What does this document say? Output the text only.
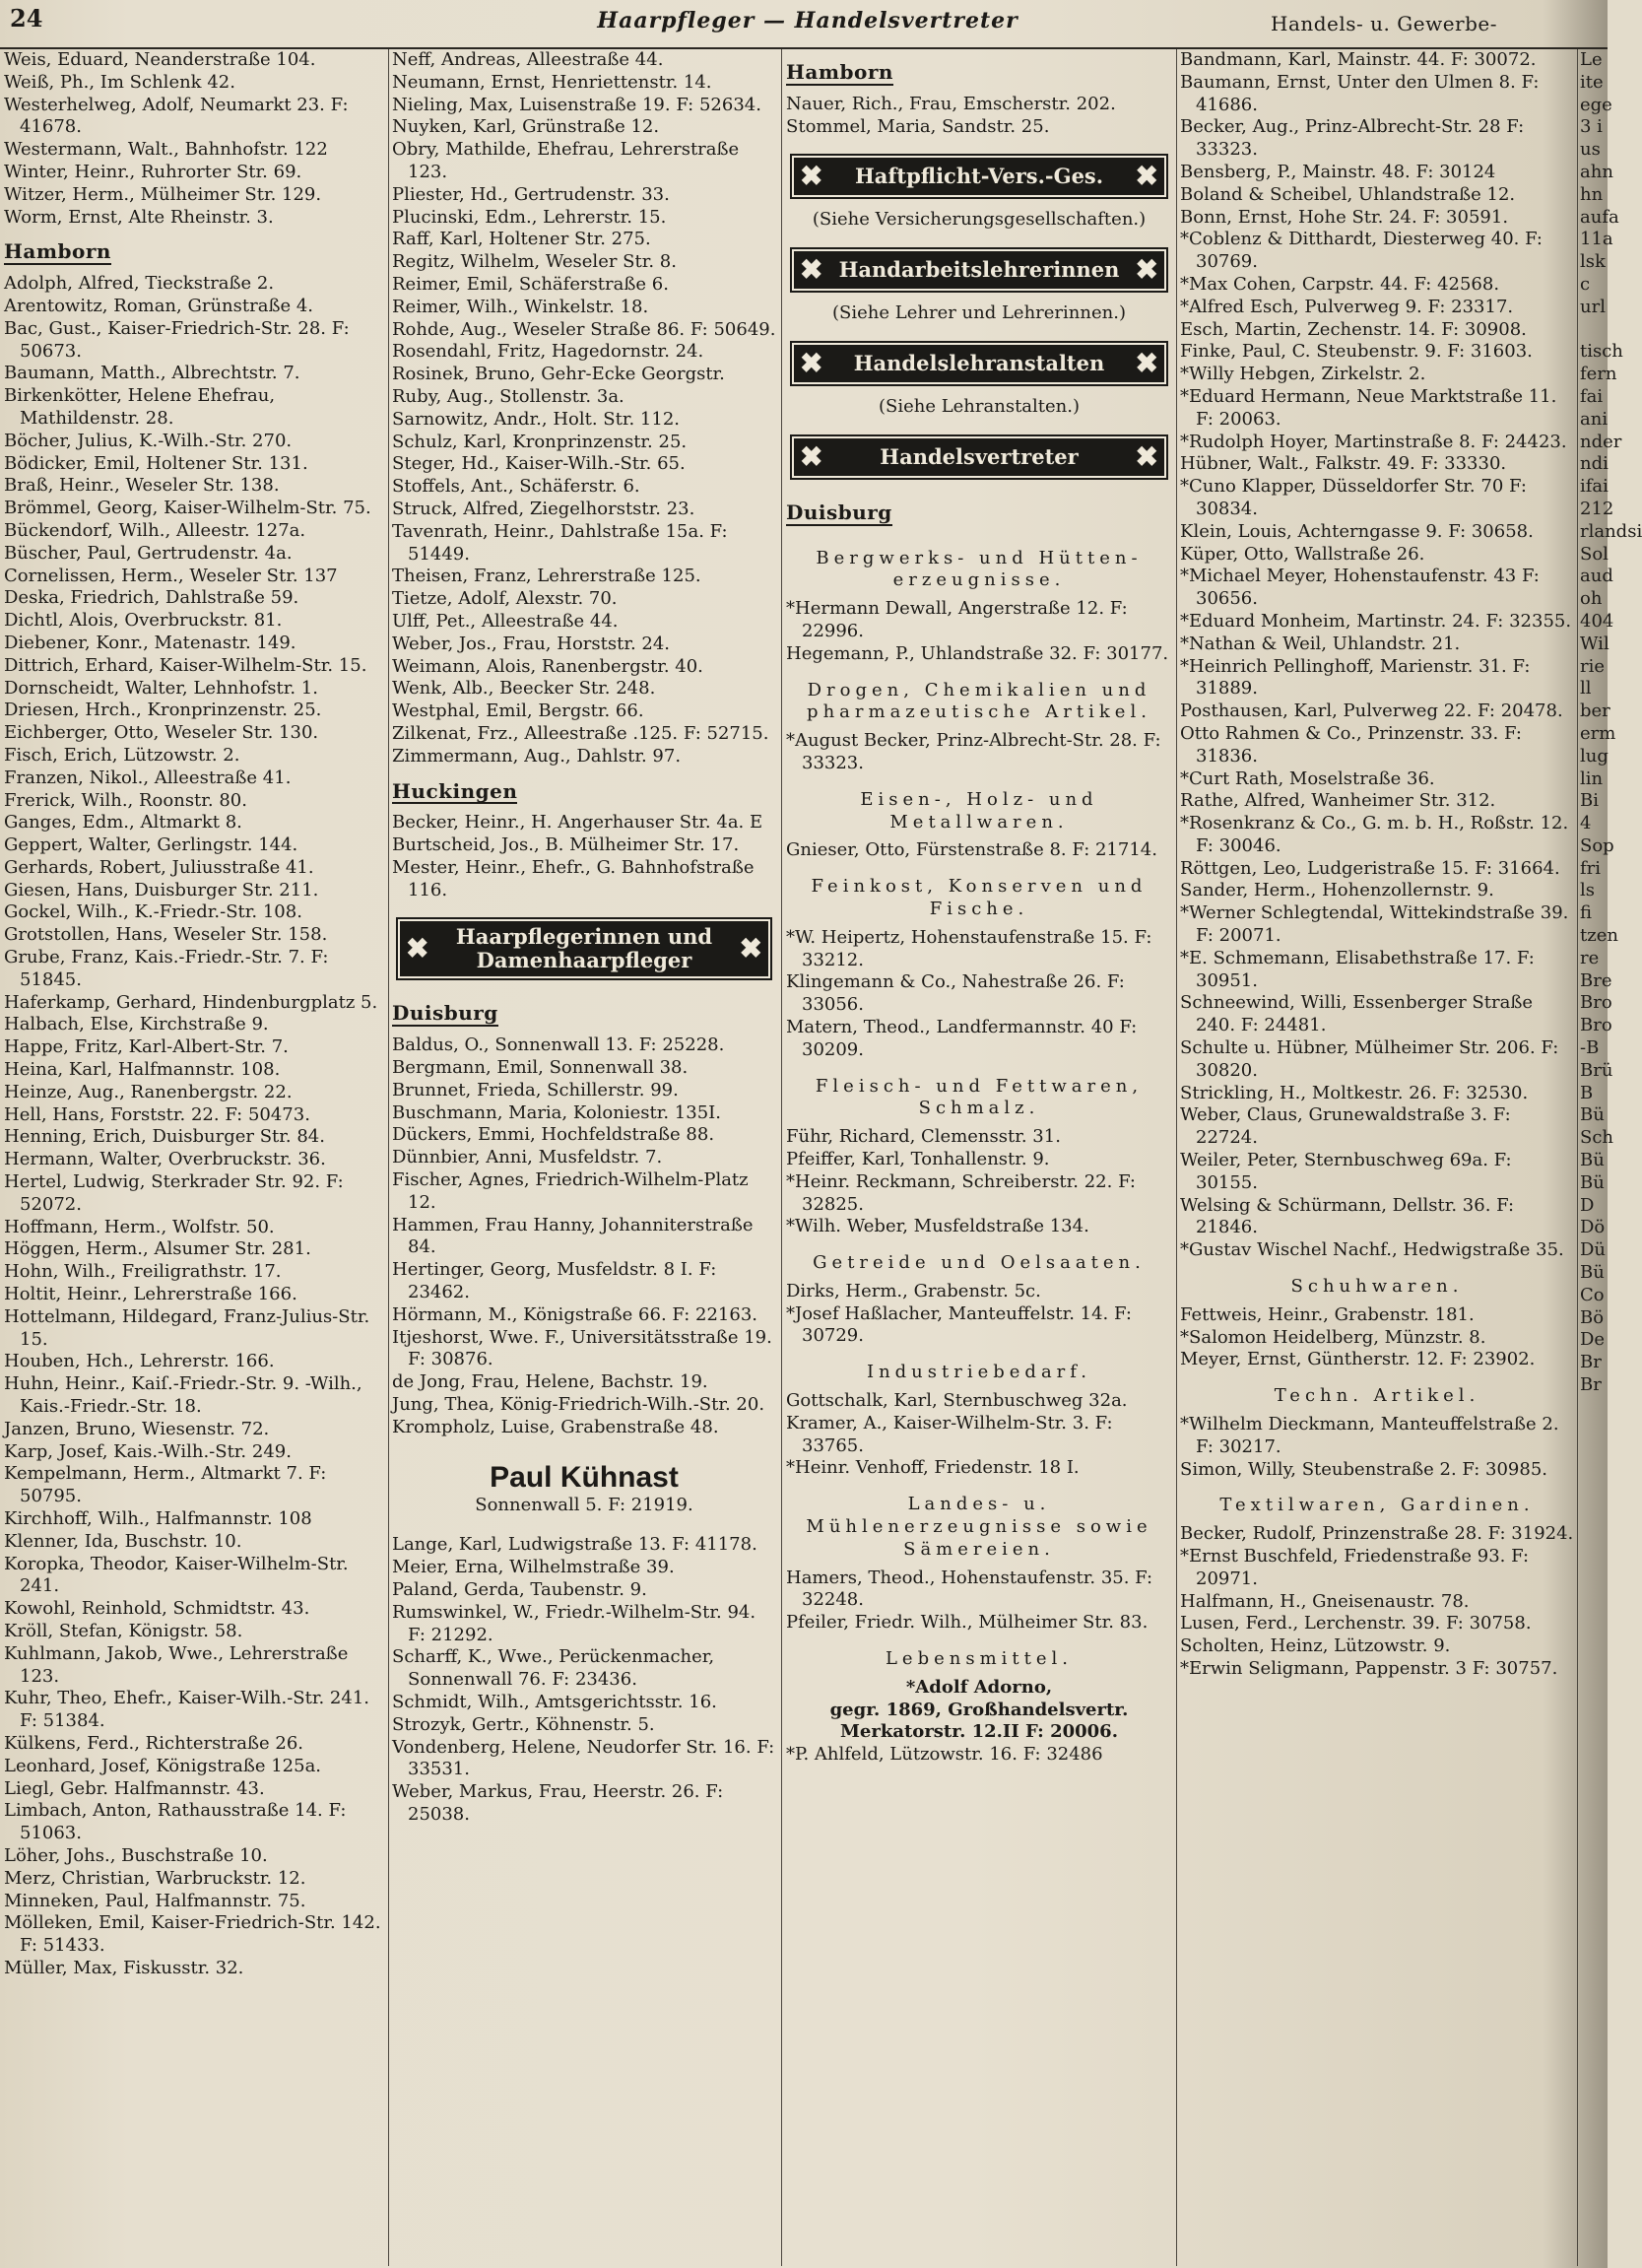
24	Haarpfleger — Handelsvertreter	Handels- u. Gewerbe-

Weis, Eduard, Neanderstraße 104.

Weiß, Ph., Im Schlenk 42.

Westerhelweg, Adolf, Neumarkt 23. F: 41678.

Westermann, Walt., Bahnhofstr. 122

Winter, Heinr., Ruhrorter Str. 69.

Witzer, Herm., Mülheimer Str. 129.

Worm, Ernst, Alte Rheinstr. 3.

Hamborn

Adolph, Alfred, Tieckstraße 2.

Arentowitz, Roman, Grünstraße 4.

Bac, Gust., Kaiser-Friedrich-Str. 28. F: 50673.

Baumann, Matth., Albrechtstr. 7.

Birkenkötter, Helene Ehefrau, Mathildenstr. 28.

Böcher, Julius, K.-Wilh.-Str. 270.

Bödicker, Emil, Holtener Str. 131.

Braß, Heinr., Weseler Str. 138.

Brömmel, Georg, Kaiser-Wilhelm-Str. 75.

Bückendorf, Wilh., Alleestr. 127a.

Büscher, Paul, Gertrudenstr. 4a.

Cornelissen, Herm., Weseler Str. 137

Deska, Friedrich, Dahlstraße 59.

Dichtl, Alois, Overbruckstr. 81.

Diebener, Konr., Matenastr. 149.

Dittrich, Erhard, Kaiser-Wilhelm-Str. 15.

Dornscheidt, Walter, Lehnhofstr. 1.

Driesen, Hrch., Kronprinzenstr. 25.

Eichberger, Otto, Weseler Str. 130.

Fisch, Erich, Lützowstr. 2.

Franzen, Nikol., Alleestraße 41.

Frerick, Wilh., Roonstr. 80.

Ganges, Edm., Altmarkt 8.

Geppert, Walter, Gerlingstr. 144.

Gerhards, Robert, Juliusstraße 41.

Giesen, Hans, Duisburger Str. 211.

Gockel, Wilh., K.-Friedr.-Str. 108.

Grotstollen, Hans, Weseler Str. 158.

Grube, Franz, Kais.-Friedr.-Str. 7. F: 51845.

Haferkamp, Gerhard, Hindenburgplatz 5.

Halbach, Else, Kirchstraße 9.

Happe, Fritz, Karl-Albert-Str. 7.

Heina, Karl, Halfmannstr. 108.

Heinze, Aug., Ranenbergstr. 22.

Hell, Hans, Forststr. 22. F: 50473.

Henning, Erich, Duisburger Str. 84.

Hermann, Walter, Overbruckstr. 36.

Hertel, Ludwig, Sterkrader Str. 92. F: 52072.

Hoffmann, Herm., Wolfstr. 50.

Höggen, Herm., Alsumer Str. 281.

Hohn, Wilh., Freiligrathstr. 17.

Holtit, Heinr., Lehrerstraße 166.

Hottelmann, Hildegard, Franz-Julius-Str. 15.

Houben, Hch., Lehrerstr. 166.

Huhn, Heinr., Kaiſ.-Friedr.-Str. 9. -Wilh., Kais.-Friedr.-Str. 18.

Janzen, Bruno, Wiesenstr. 72.

Karp, Josef, Kais.-Wilh.-Str. 249.

Kempelmann, Herm., Altmarkt 7. F: 50795.

Kirchhoff, Wilh., Halfmannstr. 108

Klenner, Ida, Buschstr. 10.

Koropka, Theodor, Kaiser-Wilhelm-Str. 241.

Kowohl, Reinhold, Schmidtstr. 43.

Kröll, Stefan, Königstr. 58.

Kuhlmann, Jakob, Wwe., Lehrerstraße 123.

Kuhr, Theo, Ehefr., Kaiser-Wilh.-Str. 241. F: 51384.

Külkens, Ferd., Richterstraße 26.

Leonhard, Josef, Königstraße 125a.

Liegl, Gebr. Halfmannstr. 43.

Limbach, Anton, Rathausstraße 14. F: 51063.

Löher, Johs., Buschstraße 10.

Merz, Christian, Warbruckstr. 12.

Minneken, Paul, Halfmannstr. 75.

Mölleken, Emil, Kaiser-Friedrich-Str. 142. F: 51433.

Müller, Max, Fiskusstr. 32.

Neff, Andreas, Alleestraße 44.

Neumann, Ernst, Henriettenstr. 14.

Nieling, Max, Luisenstraße 19. F: 52634.

Nuyken, Karl, Grünstraße 12.

Obry, Mathilde, Ehefrau, Lehrerstraße 123.

Pliester, Hd., Gertrudenstr. 33.

Plucinski, Edm., Lehrerstr. 15.

Raff, Karl, Holtener Str. 275.

Regitz, Wilhelm, Weseler Str. 8.

Reimer, Emil, Schäferstraße 6.

Reimer, Wilh., Winkelstr. 18.

Rohde, Aug., Weseler Straße 86. F: 50649.

Rosendahl, Fritz, Hagedornstr. 24.

Rosinek, Bruno, Gehr-Ecke Georgstr.

Ruby, Aug., Stollenstr. 3a.

Sarnowitz, Andr., Holt. Str. 112.

Schulz, Karl, Kronprinzenstr. 25.

Steger, Hd., Kaiser-Wilh.-Str. 65.

Stoffels, Ant., Schäferstr. 6.

Struck, Alfred, Ziegelhorststr. 23.

Tavenrath, Heinr., Dahlstraße 15a. F: 51449.

Theisen, Franz, Lehrerstraße 125.

Tietze, Adolf, Alexstr. 70.

Ulff, Pet., Alleestraße 44.

Weber, Jos., Frau, Horststr. 24.

Weimann, Alois, Ranenbergstr. 40.

Wenk, Alb., Beecker Str. 248.

Westphal, Emil, Bergstr. 66.

Zilkenat, Frz., Alleestraße .125. F: 52715.

Zimmermann, Aug., Dahlstr. 97.

Huckingen

Becker, Heinr., H. Angerhauser Str. 4a. E

Burtscheid, Jos., B. Mülheimer Str. 17.

Mester, Heinr., Ehefr., G. Bahnhofstraße 116.

✖	Haarpflegerinnen und
Damenhaarpfleger	✖
Duisburg

Baldus, O., Sonnenwall 13. F: 25228.

Bergmann, Emil, Sonnenwall 38.

Brunnet, Frieda, Schillerstr. 99.

Buschmann, Maria, Koloniestr. 135I.

Dückers, Emmi, Hochfeldstraße 88.

Dünnbier, Anni, Musfeldstr. 7.

Fischer, Agnes, Friedrich-Wilhelm-Platz 12.

Hammen, Frau Hanny, Johanniterstraße 84.

Hertinger, Georg, Musfeldstr. 8 I. F: 23462.

Hörmann, M., Königstraße 66. F: 22163.

Itjeshorst, Wwe. F., Universitätsstraße 19. F: 30876.

de Jong, Frau, Helene, Bachstr. 19.

Jung, Thea, König-Friedrich-Wilh.-Str. 20.

Krompholz, Luise, Grabenstraße 48.

Paul Kühnast
Sonnenwall 5. F: 21919.

Lange, Karl, Ludwigstraße 13. F: 41178.

Meier, Erna, Wilhelmstraße 39.

Paland, Gerda, Taubenstr. 9.

Rumswinkel, W., Friedr.-Wilhelm-Str. 94. F: 21292.

Scharff, K., Wwe., Perückenmacher, Sonnenwall 76. F: 23436.

Schmidt, Wilh., Amtsgerichtsstr. 16.

Strozyk, Gertr., Köhnenstr. 5.

Vondenberg, Helene, Neudorfer Str. 16. F: 33531.

Weber, Markus, Frau, Heerstr. 26. F: 25038.

Hamborn

Nauer, Rich., Frau, Emscherstr. 202.

Stommel, Maria, Sandstr. 25.

✖ Haftpflicht-Vers.-Ges. ✖
(Siehe Versicherungsgesellschaften.)
✖ Handarbeitslehrerinnen ✖
(Siehe Lehrer und Lehrerinnen.)
✖ Handelslehranstalten ✖
(Siehe Lehranstalten.)
✖	Handelsvertreter ✖
Duisburg
Bergwerks- und Hütten-erzeugnisse.

*Hermann Dewall, Angerstraße 12. F: 22996.

Hegemann, P., Uhlandstraße 32. F: 30177.

Drogen, Chemikalien und pharmazeutische Artikel.

*August Becker, Prinz-Albrecht-Str. 28. F: 33323.

Eisen-, Holz- und Metallwaren.

Gnieser, Otto, Fürstenstraße 8. F: 21714.

Feinkost, Konserven und Fische.

*W. Heipertz, Hohenstaufenstraße 15. F: 33212.

Klingemann & Co., Nahestraße 26. F: 33056.

Matern, Theod., Landfermannstr. 40 F: 30209.

Fleisch- und Fettwaren, Schmalz.

Führ, Richard, Clemensstr. 31.

Pfeiffer, Karl, Tonhallenstr. 9.

*Heinr. Reckmann, Schreiberstr. 22. F: 32825.

*Wilh. Weber, Musfeldstraße 134.

Getreide und Oelsaaten.

Dirks, Herm., Grabenstr. 5c.

*Josef Haßlacher, Manteuffelstr. 14. F: 30729.

Industriebedarf.

Gottschalk, Karl, Sternbuschweg 32a.

Kramer, A., Kaiser-Wilhelm-Str. 3. F: 33765.

*Heinr. Venhoff, Friedenstr. 18 I.

Landes- u. Mühlenerzeugnisse sowie Sämereien.

Hamers, Theod., Hohenstaufenstr. 35. F: 32248.

Pfeiler, Friedr. Wilh., Mülheimer Str. 83.

Lebensmittel.
*Adolf Adorno,
gegr. 1869, Großhandelsvertr.
Merkatorstr. 12.II F: 20006.

*P. Ahlfeld, Lützowstr. 16. F: 32486

Bandmann, Karl, Mainstr. 44. F: 30072.

Baumann, Ernst, Unter den Ulmen 8. F: 41686.

Becker, Aug., Prinz-Albrecht-Str. 28 F: 33323.

Bensberg, P., Mainstr. 48. F: 30124

Boland & Scheibel, Uhlandstraße 12.

Bonn, Ernst, Hohe Str. 24. F: 30591.

*Coblenz & Ditthardt, Diesterweg 40. F: 30769.

*Max Cohen, Carpstr. 44. F: 42568.

*Alfred Esch, Pulverweg 9. F: 23317.

Esch, Martin, Zechenstr. 14. F: 30908.

Finke, Paul, C. Steubenstr. 9. F: 31603.

*Willy Hebgen, Zirkelstr. 2.

*Eduard Hermann, Neue Marktstraße 11. F: 20063.

*Rudolph Hoyer, Martinstraße 8. F: 24423.

Hübner, Walt., Falkstr. 49. F: 33330.

*Cuno Klapper, Düsseldorfer Str. 70 F: 30834.

Klein, Louis, Achterngasse 9. F: 30658.

Küper, Otto, Wallstraße 26.

*Michael Meyer, Hohenstaufenstr. 43 F: 30656.

*Eduard Monheim, Martinstr. 24. F: 32355.

*Nathan & Weil, Uhlandstr. 21.

*Heinrich Pellinghoff, Marienstr. 31. F: 31889.

Posthausen, Karl, Pulverweg 22. F: 20478.

Otto Rahmen & Co., Prinzenstr. 33. F: 31836.

*Curt Rath, Moselstraße 36.

Rathe, Alfred, Wanheimer Str. 312.

*Rosenkranz & Co., G. m. b. H., Roßstr. 12. F: 30046.

Röttgen, Leo, Ludgeristraße 15. F: 31664.

Sander, Herm., Hohenzollernstr. 9.

*Werner Schlegtendal, Wittekindstraße 39. F: 20071.

*E. Schmemann, Elisabethstraße 17. F: 30951.

Schneewind, Willi, Essenberger Straße 240. F: 24481.

Schulte u. Hübner, Mülheimer Str. 206. F: 30820.

Strickling, H., Moltkestr. 26. F: 32530.

Weber, Claus, Grunewaldstraße 3. F: 22724.

Weiler, Peter, Sternbuschweg 69a. F: 30155.

Welsing & Schürmann, Dellstr. 36. F: 21846.

*Gustav Wischel Nachf., Hedwigstraße 35.

Schuhwaren.

Fettweis, Heinr., Grabenstr. 181.

*Salomon Heidelberg, Münzstr. 8.

Meyer, Ernst, Güntherstr. 12. F: 23902.

Techn. Artikel.

*Wilhelm Dieckmann, Manteuffelstraße 2. F: 30217.

Simon, Willy, Steubenstraße 2. F: 30985.

Textilwaren, Gardinen.

Becker, Rudolf, Prinzenstraße 28. F: 31924.

*Ernst Buschfeld, Friedenstraße 93. F: 20971.

Halfmann, H., Gneisenaustr. 78.

Lusen, Ferd., Lerchenstr. 39. F: 30758.

Scholten, Heinz, Lützowstr. 9.

*Erwin Seligmann, Pappenstr. 3 F: 30757.

Le

ite

ege

3 i

us

ahn

hn

aufa

11a

lsk

c

url

tisch

fern

fai

ani

nder

ndi

ifai

212

rlandsi

Sol

aud

oh

404

Wil

rie

ll

ber

erm

lug

lin

Bi

4

Sop

fri

ls

fi

tzen

re

Bre

Bro

Bro

-B

Brü

B

Bü

Sch

Bü

Bü

D

Dö

Dü

Bü

Co

Bö

De

Br

Br
